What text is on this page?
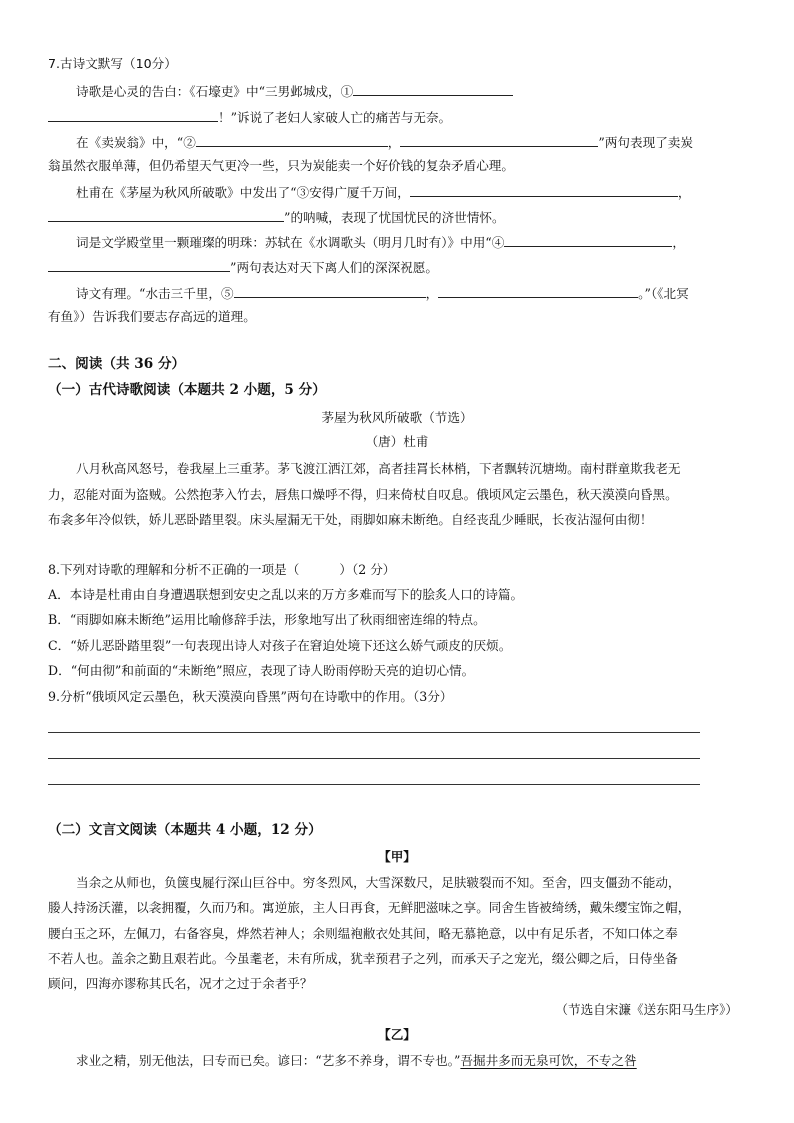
7.古诗文默写（10分）
诗歌是心灵的告白：《石壕吏》中“三男邺城戍，①
！”诉说了老妇人家破人亡的痛苦与无奈。
在《卖炭翁》中，“②	，	”两句表现了卖炭
翁虽然衣服单薄，但仍希望天气更冷一些，只为炭能卖一个好价钱的复杂矛盾心理。
杜甫在《茅屋为秋风所破歌》中发出了“③安得广厦千万间，	，
”的呐喊，表现了忧国忧民的济世情怀。
词是文学殿堂里一颗璀璨的明珠：苏轼在《水调歌头（明月几时有）》中用“④	，
”两句表达对天下离人们的深深祝愿。
诗文有理。“水击三千里，⑤	，	。”（《北冥
有鱼》）告诉我们要志存高远的道理。
二、阅读（共 36 分）
（一）古代诗歌阅读（本题共 2 小题，5 分）
茅屋为秋风所破歌（节选）
（唐）杜甫
八月秋高风怒号，卷我屋上三重茅。茅飞渡江洒江郊，高者挂罥长林梢，下者飘转沉塘坳。南村群童欺我老无
力，忍能对面为盗贼。公然抱茅入竹去，唇焦口燥呼不得，归来倚杖自叹息。俄顷风定云墨色，秋天漠漠向昏黑。
布衾多年冷似铁，娇儿恶卧踏里裂。床头屋漏无干处，雨脚如麻未断绝。自经丧乱少睡眠，长夜沾湿何由彻！
8.下列对诗歌的理解和分析不正确的一项是（	）（2 分）
A．本诗是杜甫由自身遭遇联想到安史之乱以来的万方多难而写下的脍炙人口的诗篇。
B．“雨脚如麻未断绝”运用比喻修辞手法，形象地写出了秋雨细密连绵的特点。
C．“娇儿恶卧踏里裂”一句表现出诗人对孩子在窘迫处境下还这么娇气顽皮的厌烦。
D．“何由彻”和前面的“未断绝”照应，表现了诗人盼雨停盼天亮的迫切心情。
9.分析“俄顷风定云墨色，秋天漠漠向昏黑”两句在诗歌中的作用。（3分）
（二）文言文阅读（本题共 4 小题，12 分）
【甲】
当余之从师也，负箧曳屣行深山巨谷中。穷冬烈风，大雪深数尺，足肤皲裂而不知。至舍，四支僵劲不能动，
媵人持汤沃灌，以衾拥覆，久而乃和。寓逆旅，主人日再食，无鲜肥滋味之享。同舍生皆被绮绣，戴朱缨宝饰之帽，
腰白玉之环，左佩刀，右备容臭，烨然若神人；余则缊袍敝衣处其间，略无慕艳意，以中有足乐者，不知口体之奉
不若人也。盖余之勤且艰若此。今虽耄老，未有所成，犹幸预君子之列，而承天子之宠光，缀公卿之后，日侍坐备
顾问，四海亦谬称其氏名，况才之过于余者乎？
（节选自宋濂《送东阳马生序》）
【乙】
求业之精，别无他法，曰专而已矣。谚曰：“艺多不养身，谓不专也。”吾掘井多而无泉可饮，不专之咎
